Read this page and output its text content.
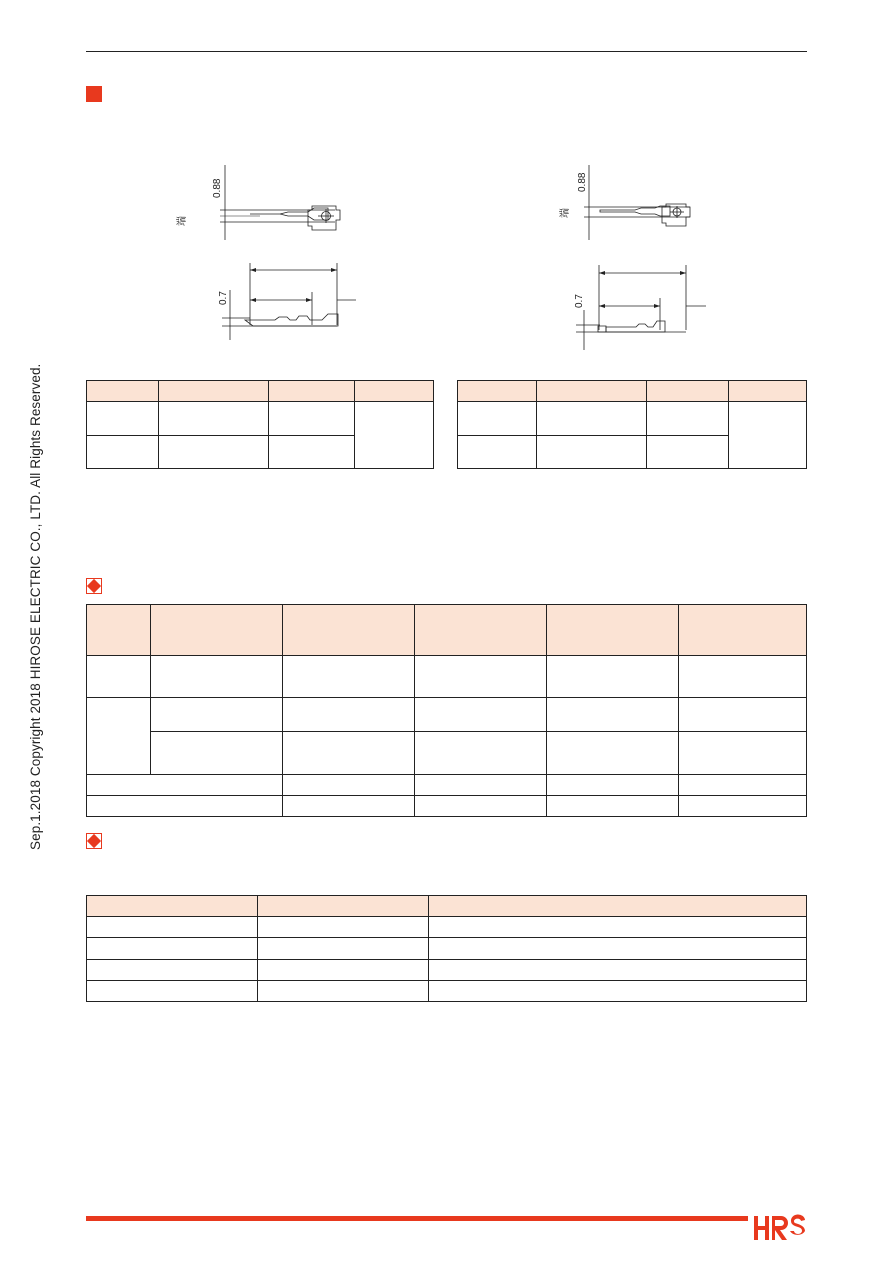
Sep.1.2018 Copyright 2018 HIROSE ELECTRIC CO., LTD. All Rights Reserved.
0.88
0.7
端
0.88
0.7
端
